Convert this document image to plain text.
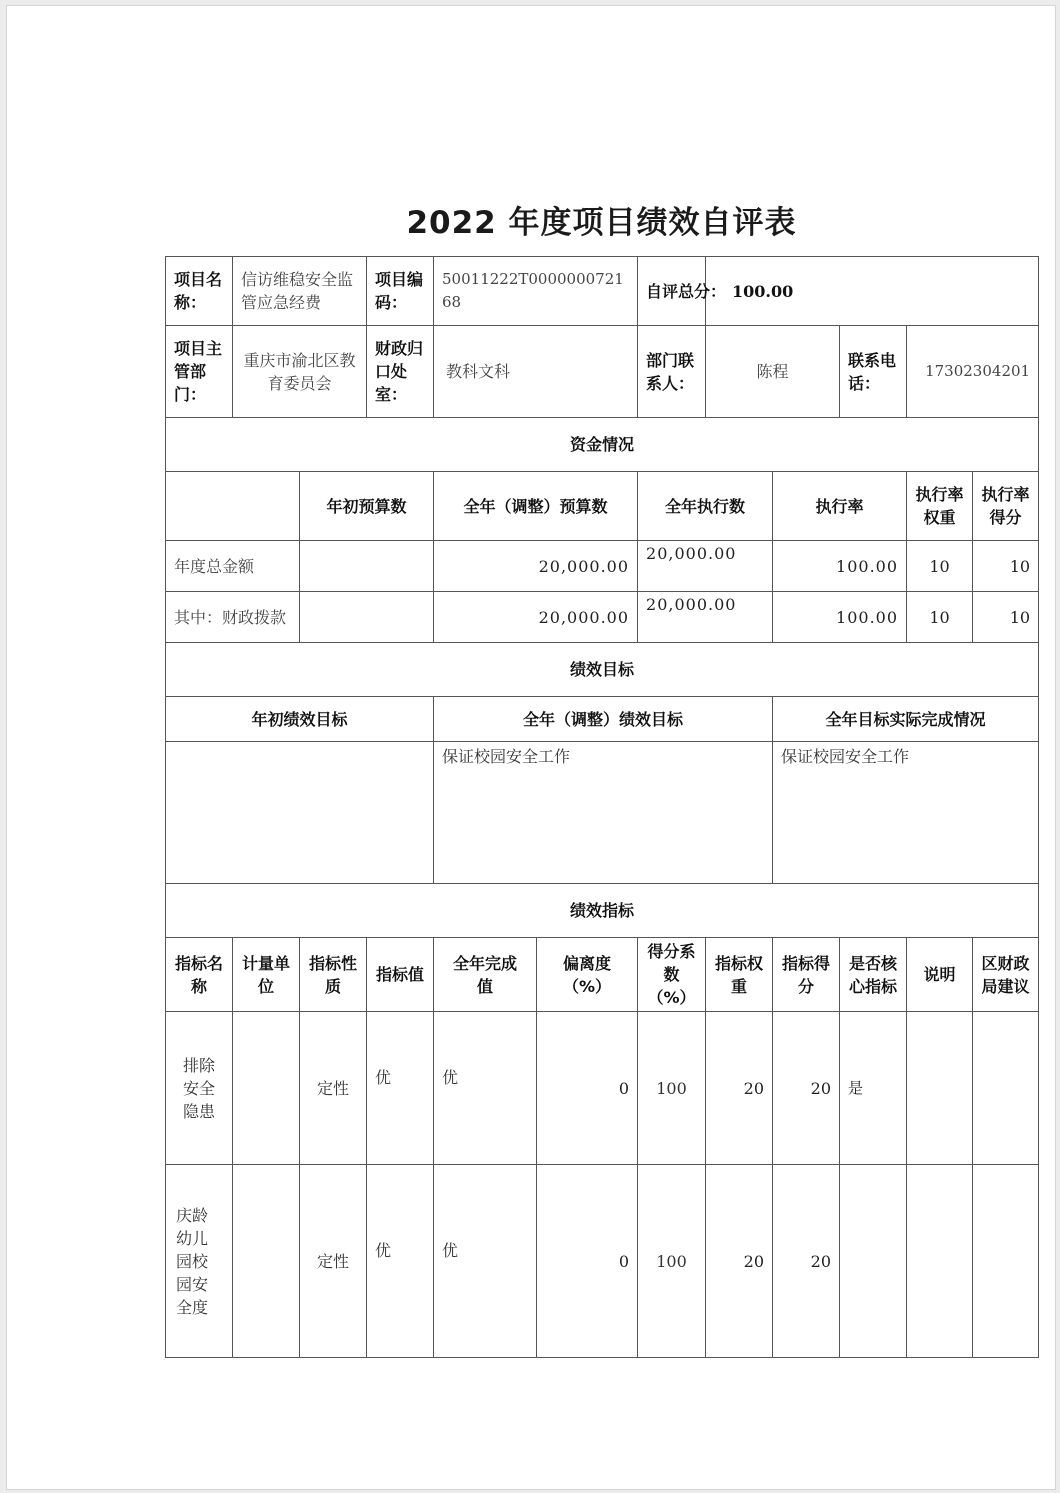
2022 年度项目绩效自评表
项目名称：	信访维稳安全监管应急经费		项目编码：	50011222T000000072168		自评总分：	100.00				
项目主管部门：	重庆市渝北区教育委员会		财政归口处室：	教科文科		部门联系人：	陈程		联系电话：	17302304201	
资金情况											
		年初预算数		全年（调整）预算数		全年执行数		执行率		执行率权重	执行率得分
年度总金额				20,000.00		20,000.00		100.00		10	10
其中：财政拨款				20,000.00		20,000.00		100.00		10	10
绩效目标											
年初绩效目标				全年（调整）绩效目标				全年目标实际完成情况			
				保证校园安全工作				保证校园安全工作			
绩效指标											
指标名称	计量单位	指标性质	指标值	全年完成值	偏离度（%）	得分系数（%）	指标权重	指标得分	是否核心指标	说明	区财政局建议
排除安全隐患		定性	优	优	0	100	20	20	是		
庆龄幼儿园校园安全度		定性	优	优	0	100	20	20			
